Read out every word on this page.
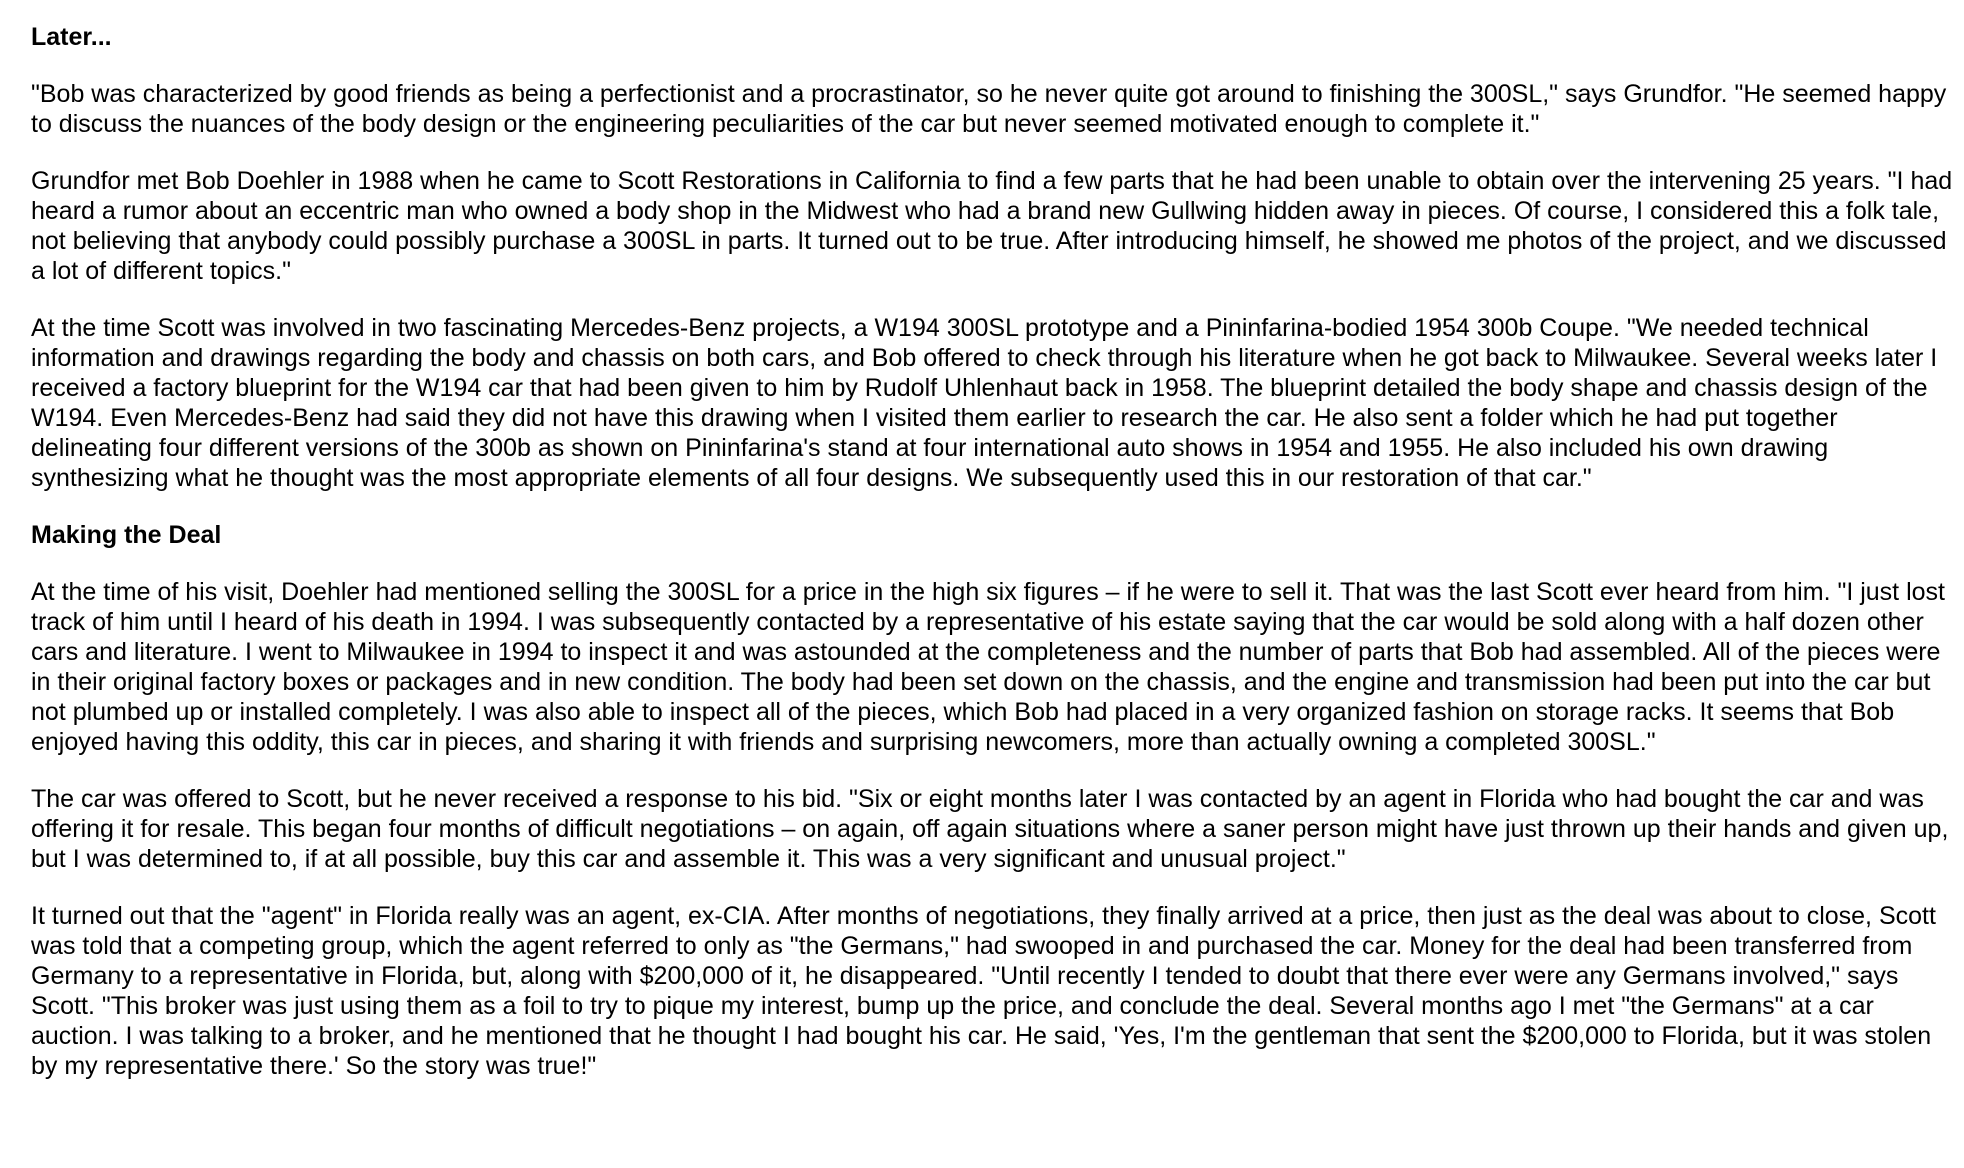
Later...
"Bob was characterized by good friends as being a perfectionist and a procrastinator, so he never quite got around to finishing the 300SL," says Grundfor. "He seemed happy to discuss the nuances of the body design or the engineering peculiarities of the car but never seemed motivated enough to complete it."
Grundfor met Bob Doehler in 1988 when he came to Scott Restorations in California to find a few parts that he had been unable to obtain over the intervening 25 years. "I had heard a rumor about an eccentric man who owned a body shop in the Midwest who had a brand new Gullwing hidden away in pieces. Of course, I considered this a folk tale, not believing that anybody could possibly purchase a 300SL in parts. It turned out to be true. After introducing himself, he showed me photos of the project, and we discussed a lot of different topics."
At the time Scott was involved in two fascinating Mercedes-Benz projects, a W194 300SL prototype and a Pininfarina-bodied 1954 300b Coupe. "We needed technical information and drawings regarding the body and chassis on both cars, and Bob offered to check through his literature when he got back to Milwaukee. Several weeks later I received a factory blueprint for the W194 car that had been given to him by Rudolf Uhlenhaut back in 1958. The blueprint detailed the body shape and chassis design of the W194. Even Mercedes-Benz had said they did not have this drawing when I visited them earlier to research the car. He also sent a folder which he had put together delineating four different versions of the 300b as shown on Pininfarina's stand at four international auto shows in 1954 and 1955. He also included his own drawing synthesizing what he thought was the most appropriate elements of all four designs. We subsequently used this in our restoration of that car."
Making the Deal
At the time of his visit, Doehler had mentioned selling the 300SL for a price in the high six figures – if he were to sell it. That was the last Scott ever heard from him. "I just lost track of him until I heard of his death in 1994. I was subsequently contacted by a representative of his estate saying that the car would be sold along with a half dozen other cars and literature. I went to Milwaukee in 1994 to inspect it and was astounded at the completeness and the number of parts that Bob had assembled. All of the pieces were in their original factory boxes or packages and in new condition. The body had been set down on the chassis, and the engine and transmission had been put into the car but not plumbed up or installed completely. I was also able to inspect all of the pieces, which Bob had placed in a very organized fashion on storage racks. It seems that Bob enjoyed having this oddity, this car in pieces, and sharing it with friends and surprising newcomers, more than actually owning a completed 300SL."
The car was offered to Scott, but he never received a response to his bid. "Six or eight months later I was contacted by an agent in Florida who had bought the car and was offering it for resale. This began four months of difficult negotiations – on again, off again situations where a saner person might have just thrown up their hands and given up, but I was determined to, if at all possible, buy this car and assemble it. This was a very significant and unusual project."
It turned out that the "agent" in Florida really was an agent, ex-CIA. After months of negotiations, they finally arrived at a price, then just as the deal was about to close, Scott was told that a competing group, which the agent referred to only as "the Germans," had swooped in and purchased the car. Money for the deal had been transferred from Germany to a representative in Florida, but, along with $200,000 of it, he disappeared. "Until recently I tended to doubt that there ever were any Germans involved," says Scott. "This broker was just using them as a foil to try to pique my interest, bump up the price, and conclude the deal. Several months ago I met "the Germans" at a car auction. I was talking to a broker, and he mentioned that he thought I had bought his car. He said, 'Yes, I'm the gentleman that sent the $200,000 to Florida, but it was stolen by my representative there.' So the story was true!"
